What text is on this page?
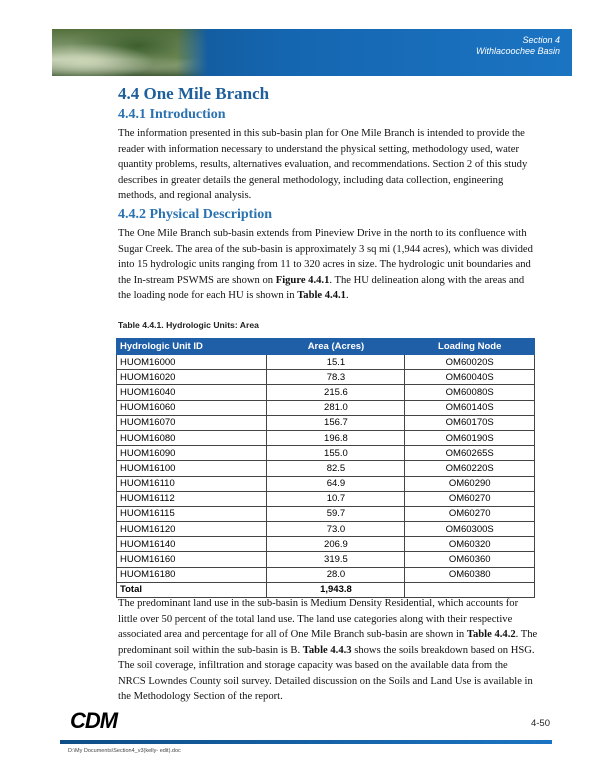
Section 4
Withlacoochee Basin
4.4 One Mile Branch
4.4.1 Introduction

The information presented in this sub-basin plan for One Mile Branch is intended to provide the reader with information necessary to understand the physical setting, methodology used, water quantity problems, results, alternatives evaluation, and recommendations. Section 2 of this study describes in greater details the general methodology, including data collection, engineering methods, and regional analysis.

4.4.2 Physical Description

The One Mile Branch sub-basin extends from Pineview Drive in the north to its confluence with Sugar Creek. The area of the sub-basin is approximately 3 sq mi (1,944 acres), which was divided into 15 hydrologic units ranging from 11 to 320 acres in size. The hydrologic unit boundaries and the In-stream PSWMS are shown on Figure 4.4.1. The HU delineation along with the areas and the loading node for each HU is shown in Table 4.4.1.

Table 4.4.1. Hydrologic Units: Area
Hydrologic Unit ID	Area (Acres)	Loading Node
HUOM16000	15.1	OM60020S
HUOM16020	78.3	OM60040S
HUOM16040	215.6	OM60080S
HUOM16060	281.0	OM60140S
HUOM16070	156.7	OM60170S
HUOM16080	196.8	OM60190S
HUOM16090	155.0	OM60265S
HUOM16100	82.5	OM60220S
HUOM16110	64.9	OM60290
HUOM16112	10.7	OM60270
HUOM16115	59.7	OM60270
HUOM16120	73.0	OM60300S
HUOM16140	206.9	OM60320
HUOM16160	319.5	OM60360
HUOM16180	28.0	OM60380
Total	1,943.8	

The predominant land use in the sub-basin is Medium Density Residential, which accounts for little over 50 percent of the total land use. The land use categories along with their respective associated area and percentage for all of One Mile Branch sub-basin are shown in Table 4.4.2. The predominant soil within the sub-basin is B. Table 4.4.3 shows the soils breakdown based on HSG. The soil coverage, infiltration and storage capacity was based on the available data from the NRCS Lowndes County soil survey. Detailed discussion on the Soils and Land Use is available in the Methodology Section of the report.

CDM	4-50
D:\My Documents\Section4_v3(kelly- edit).doc
